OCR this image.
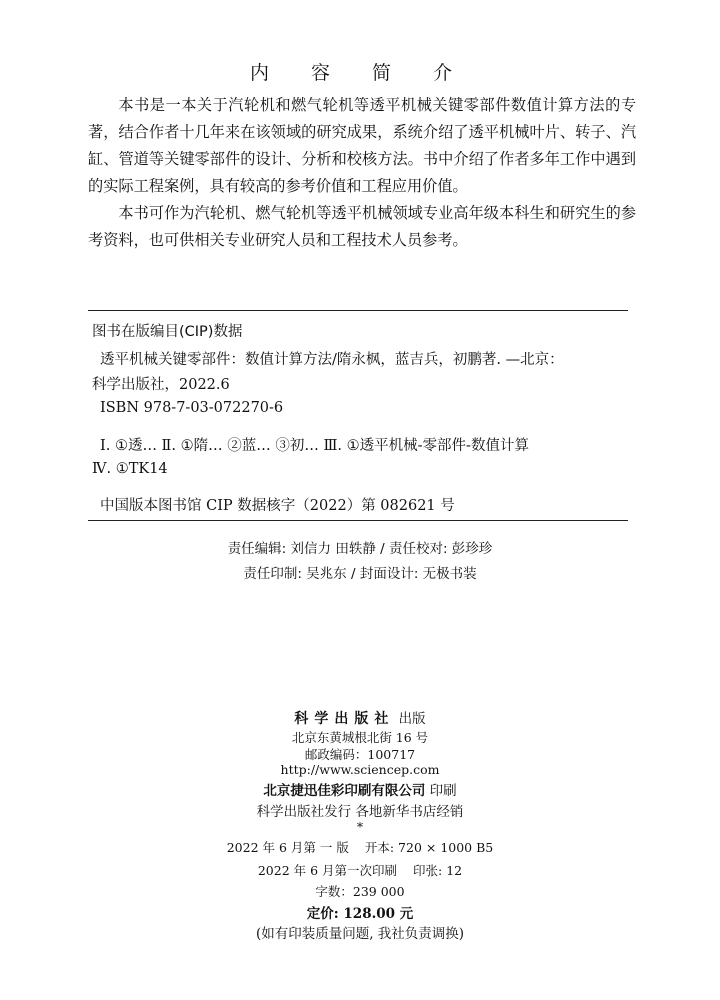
内 容 简 介

本书是一本关于汽轮机和燃气轮机等透平机械关键零部件数值计算方法的专著，结合作者十几年来在该领域的研究成果，系统介绍了透平机械叶片、转子、汽缸、管道等关键零部件的设计、分析和校核方法。书中介绍了作者多年工作中遇到的实际工程案例，具有较高的参考价值和工程应用价值。

本书可作为汽轮机、燃气轮机等透平机械领域专业高年级本科生和研究生的参考资料，也可供相关专业研究人员和工程技术人员参考。

图书在版编目(CIP)数据
透平机械关键零部件：数值计算方法/隋永枫，蓝吉兵，初鹏著. —北京：
科学出版社，2022.6
ISBN 978-7-03-072270-6
Ⅰ. ①透… Ⅱ. ①隋… ②蓝… ③初… Ⅲ. ①透平机械-零部件-数值计算
Ⅳ. ①TK14
中国版本图书馆 CIP 数据核字（2022）第 082621 号
责任编辑: 刘信力 田轶静 / 责任校对: 彭珍珍
责任印制: 吴兆东 / 封面设计: 无极书装
科学出版社 出版
北京东黄城根北街 16 号
邮政编码：100717
http://www.sciencep.com
北京捷迅佳彩印刷有限公司 印刷
科学出版社发行 各地新华书店经销
*
2022 年 6 月第 一 版 开本: 720 × 1000 B5
2022 年 6 月第一次印刷 印张: 12
字数：239 000
定价: 128.00 元
(如有印装质量问题, 我社负责调换)
